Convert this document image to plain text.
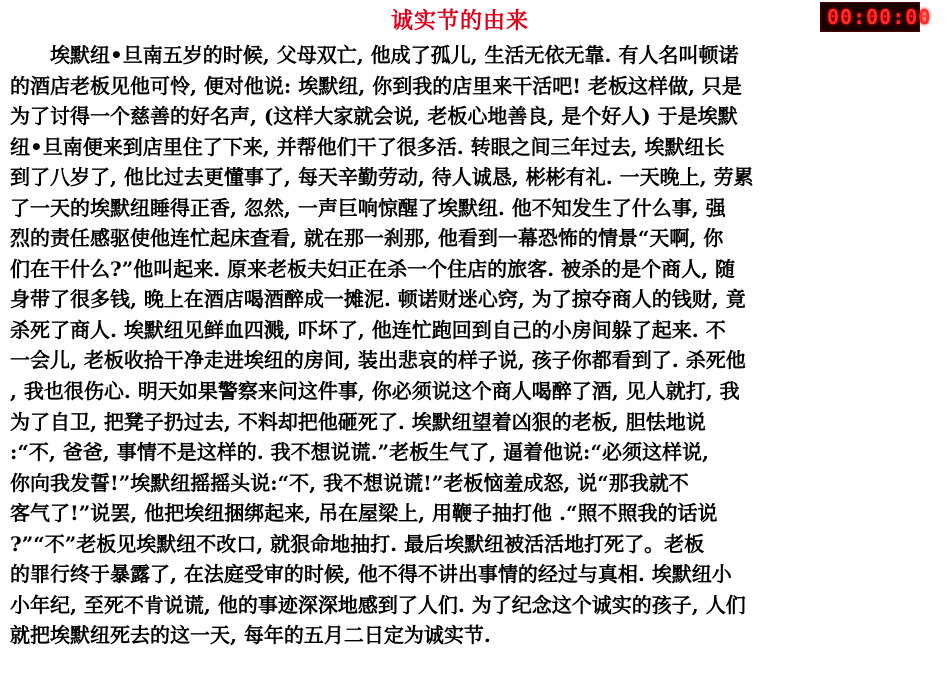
诚实节的由来	00:00:00
　　埃默纽•旦南五岁的时候, 父母双亡, 他成了孤儿, 生活无依无靠. 有人名叫顿诺
的酒店老板见他可怜, 便对他说: 埃默纽, 你到我的店里来干活吧! 老板这样做, 只是
为了讨得一个慈善的好名声, (这样大家就会说, 老板心地善良, 是个好人) 于是埃默
纽•旦南便来到店里住了下来, 并帮他们干了很多活. 转眼之间三年过去, 埃默纽长
到了八岁了, 他比过去更懂事了, 每天辛勤劳动, 待人诚恳, 彬彬有礼. 一天晚上, 劳累
了一天的埃默纽睡得正香, 忽然, 一声巨响惊醒了埃默纽. 他不知发生了什么事, 强
烈的责任感驱使他连忙起床查看, 就在那一刹那, 他看到一幕恐怖的情景“天啊, 你
们在干什么?”他叫起来. 原来老板夫妇正在杀一个住店的旅客. 被杀的是个商人, 随
身带了很多钱, 晚上在酒店喝酒醉成一摊泥. 顿诺财迷心窍, 为了掠夺商人的钱财, 竟
杀死了商人. 埃默纽见鲜血四溅, 吓坏了, 他连忙跑回到自己的小房间躲了起来. 不
一会儿, 老板收拾干净走进埃纽的房间, 装出悲哀的样子说, 孩子你都看到了. 杀死他
, 我也很伤心. 明天如果警察来问这件事, 你必须说这个商人喝醉了酒, 见人就打, 我
为了自卫, 把凳子扔过去, 不料却把他砸死了. 埃默纽望着凶狠的老板, 胆怯地说
:“不, 爸爸, 事情不是这样的. 我不想说谎.”老板生气了, 逼着他说:“必须这样说,
你向我发誓!”埃默纽摇摇头说:“不, 我不想说谎!”老板恼羞成怒, 说“那我就不
客气了!”说罢, 他把埃纽捆绑起来, 吊在屋梁上, 用鞭子抽打他 .“照不照我的话说
?”“不”老板见埃默纽不改口, 就狠命地抽打. 最后埃默纽被活活地打死了。老板
的罪行终于暴露了, 在法庭受审的时候, 他不得不讲出事情的经过与真相. 埃默纽小
小年纪, 至死不肯说谎, 他的事迹深深地感到了人们. 为了纪念这个诚实的孩子, 人们
就把埃默纽死去的这一天, 每年的五月二日定为诚实节.
